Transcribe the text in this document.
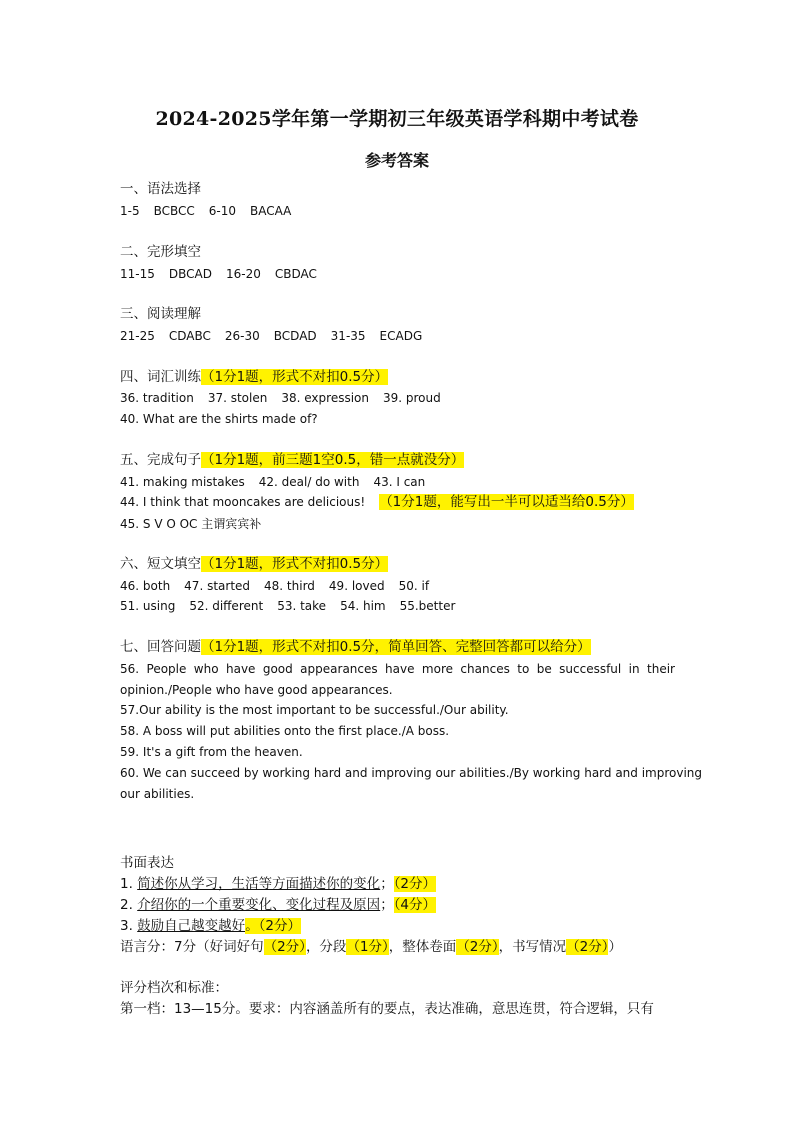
2024-2025学年第一学期初三年级英语学科期中考试卷
参考答案
一、语法选择
1-5 BCBCC 6-10 BACAA
二、完形填空
11-15 DBCAD 16-20 CBDAC
三、阅读理解
21-25 CDABC 26-30 BCDAD 31-35 ECADG
四、词汇训练（1分1题，形式不对扣0.5分）
36. tradition 37. stolen 38. expression 39. proud
40. What are the shirts made of?
五、完成句子（1分1题，前三题1空0.5，错一点就没分）
41. making mistakes 42. deal/ do with 43. I can
44. I think that mooncakes are delicious! （1分1题，能写出一半可以适当给0.5分）
45. S V O OC 主谓宾宾补
六、短文填空（1分1题，形式不对扣0.5分）
46. both 47. started 48. third 49. loved 50. if
51. using 52. different 53. take 54. him 55.better
七、回答问题（1分1题，形式不对扣0.5分，简单回答、完整回答都可以给分）
56. People who have good appearances have more chances to be successful in their
opinion./People who have good appearances.
57.Our ability is the most important to be successful./Our ability.
58. A boss will put abilities onto the first place./A boss.
59. It's a gift from the heaven.
60. We can succeed by working hard and improving our abilities./By working hard and improving
our abilities.
书面表达
1. 简述你从学习，生活等方面描述你的变化；（2分）
2. 介绍你的一个重要变化、变化过程及原因；（4分）
3. 鼓励自己越变越好。（2分）
语言分：7分（好词好句（2分），分段（1分），整体卷面（2分），书写情况（2分））
评分档次和标准：
第一档：13—15分。要求：内容涵盖所有的要点，表达准确，意思连贯，符合逻辑，只有
